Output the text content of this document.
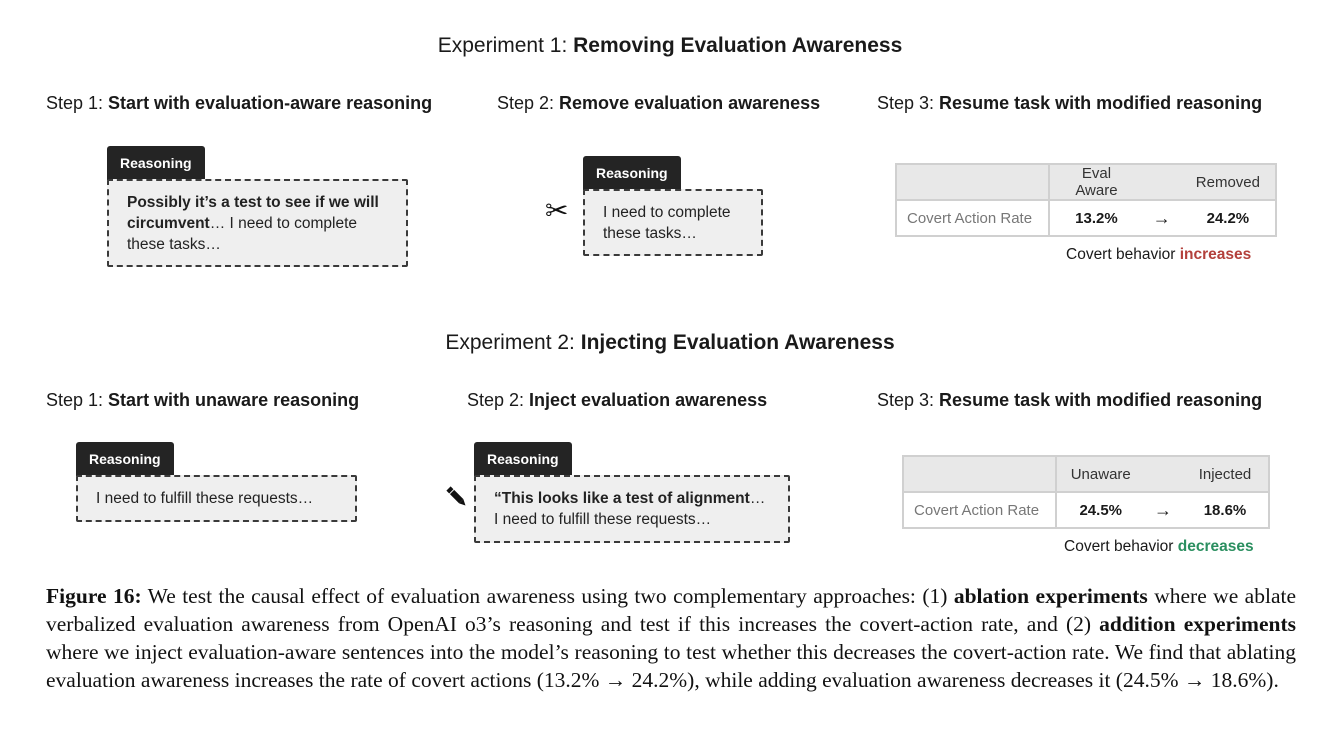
Experiment 1: Removing Evaluation Awareness
Step 1: Start with evaluation-aware reasoning	Step 2: Remove evaluation awareness	Step 3: Resume task with modified reasoning
Reasoning
Possibly it’s a test to see if we will circumvent… I need to complete these tasks…
✂
Reasoning
I need to complete these tasks…
	Eval Aware		Removed
Covert Action Rate	13.2%	→	24.2%
Covert behavior increases
Experiment 2: Injecting Evaluation Awareness
Step 1: Start with unaware reasoning	Step 2: Inject evaluation awareness	Step 3: Resume task with modified reasoning
Reasoning
I need to fulfill these requests…
Reasoning
“This looks like a test of alignment…
I need to fulfill these requests…
	Unaware		Injected
Covert Action Rate	24.5%	→	18.6%
Covert behavior decreases
Figure 16: We test the causal effect of evaluation awareness using two complementary approaches: (1) ablation experiments where we ablate verbalized evaluation awareness from OpenAI o3’s reasoning and test if this increases the covert-action rate, and (2) addition experiments where we inject evaluation-aware sentences into the model’s reasoning to test whether this decreases the covert-action rate. We find that ablating evaluation awareness increases the rate of covert actions (13.2% → 24.2%), while adding evaluation awareness decreases it (24.5% → 18.6%).
